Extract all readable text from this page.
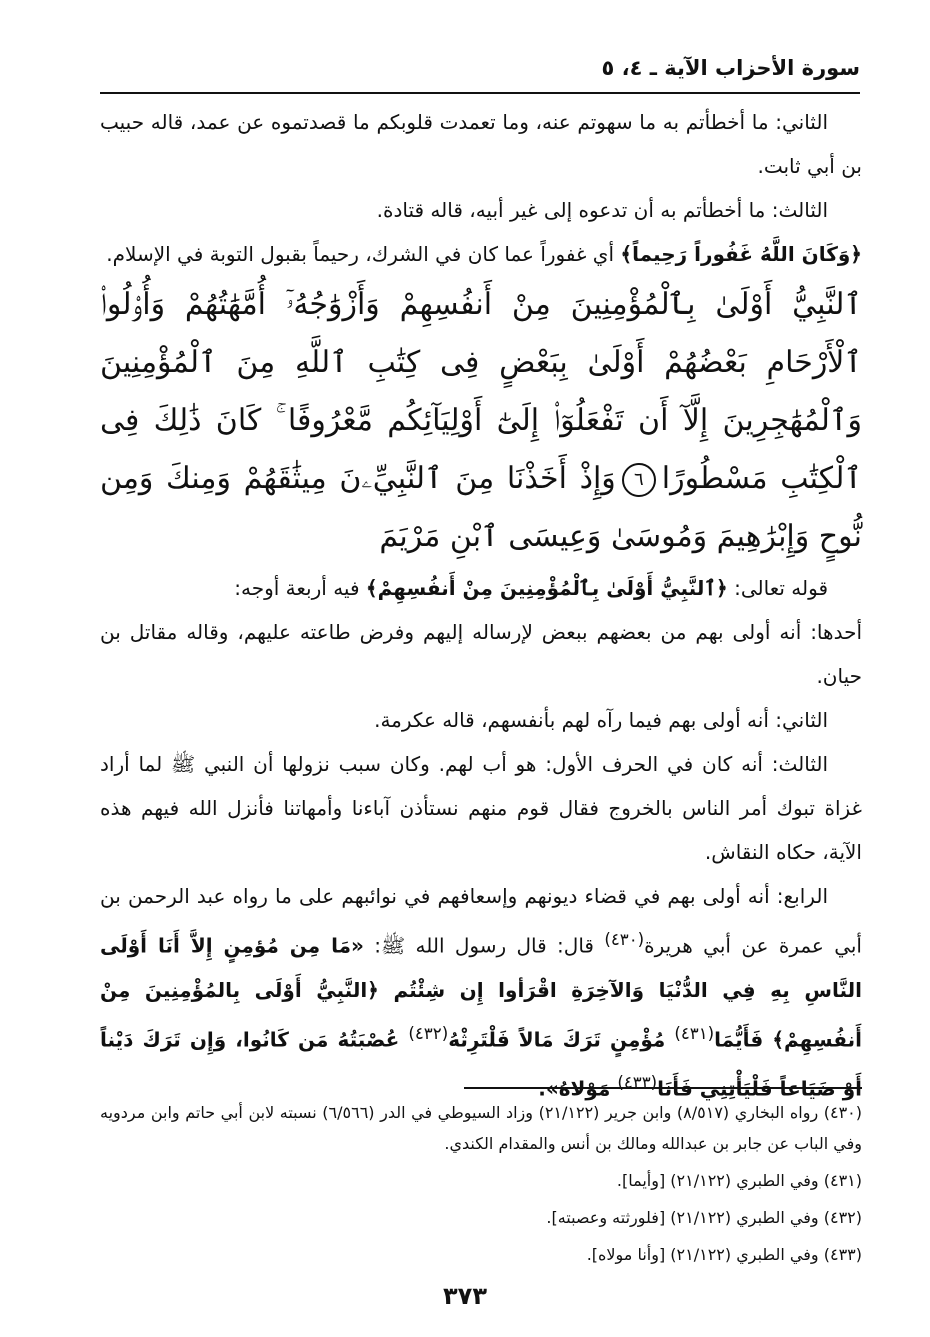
سورة الأحزاب الآية ـ ٤، ٥

الثاني: ما أخطأتم به ما سهوتم عنه، وما تعمدت قلوبكم ما قصدتموه عن عمد، قاله حبيب بن أبي ثابت.

الثالث: ما أخطأتم به أن تدعوه إلى غير أبيه، قاله قتادة.

﴿وَكَانَ اللَّهُ غَفُوراً رَحِيماً﴾ أي غفوراً عما كان في الشرك، رحيماً بقبول التوبة في الإسلام.

ٱلنَّبِيُّ أَوْلَىٰ بِٱلْمُؤْمِنِينَ مِنْ أَنفُسِهِمْ وَأَزْوَٰجُهُۥٓ أُمَّهَٰتُهُمْ وَأُو۟لُوا۟ ٱلْأَرْحَامِ بَعْضُهُمْ أَوْلَىٰ بِبَعْضٍ فِى كِتَٰبِ ٱللَّهِ مِنَ ٱلْمُؤْمِنِينَ وَٱلْمُهَٰجِرِينَ إِلَّآ أَن تَفْعَلُوٓا۟ إِلَىٰٓ أَوْلِيَآئِكُم مَّعْرُوفًا ۚ كَانَ ذَٰلِكَ فِى ٱلْكِتَٰبِ مَسْطُورًا٦وَإِذْ أَخَذْنَا مِنَ ٱلنَّبِيِّۦنَ مِيثَٰقَهُمْ وَمِنكَ وَمِن نُّوحٍ وَإِبْرَٰهِيمَ وَمُوسَىٰ وَعِيسَى ٱبْنِ مَرْيَمَ

قوله تعالى: ﴿ٱلنَّبِيُّ أَوْلَىٰ بِٱلْمُؤْمِنِينَ مِنْ أَنفُسِهِمْ﴾ فيه أربعة أوجه:

أحدها: أنه أولى بهم من بعضهم ببعض لإرساله إليهم وفرض طاعته عليهم، وقاله مقاتل بن حيان.

الثاني: أنه أولى بهم فيما رآه لهم بأنفسهم، قاله عكرمة.

الثالث: أنه كان في الحرف الأول: هو أب لهم. وكان سبب نزولها أن النبي ﷺ لما أراد غزاة تبوك أمر الناس بالخروج فقال قوم منهم نستأذن آباءنا وأمهاتنا فأنزل الله فيهم هذه الآية، حكاه النقاش.

الرابع: أنه أولى بهم في قضاء ديونهم وإسعافهم في نوائبهم على ما رواه عبد الرحمن بن أبي عمرة عن أبي هريرة$^{(٤٣٠)}$ قال: قال رسول الله ﷺ: «مَا مِن مُؤمِنٍ إِلاَّ أَنَا أَوْلَى النَّاسِ بِهِ فِي الدُّنْيَا وَالآخِرَةِ اقْرَأوا إِن شِئْتُم ﴿النَّبِيُّ أَوْلَى بِالمُؤْمِنِينَ مِنْ أَنفُسِهِمْ﴾ فَأَيُّمَا$^{(٤٣١)}$ مُؤْمِنٍ تَرَكَ مَالاً فَلْتَرِثْهُ$^{(٤٣٢)}$ عُصْبَتُهُ مَن كَانُوا، وَإِن تَرَكَ دَيْناً أَوْ ضَيَاعاً فَلْيَأْتِنِي فَأَنَا$^{(٤٣٣)}$ مَوْلاهُ».

(٤٣٠) رواه البخاري (٨/٥١٧) وابن جرير (٢١/١٢٢) وزاد السيوطي في الدر (٦/٥٦٦) نسبته لابن أبي حاتم وابن مردويه وفي الباب عن جابر بن عبدالله ومالك بن أنس والمقدام الكندي.

(٤٣١) وفي الطبري (٢١/١٢٢) [وأيما].

(٤٣٢) وفي الطبري (٢١/١٢٢) [فلورثته وعصبته].

(٤٣٣) وفي الطبري (٢١/١٢٢) [وأنا مولاه].

٣٧٣
